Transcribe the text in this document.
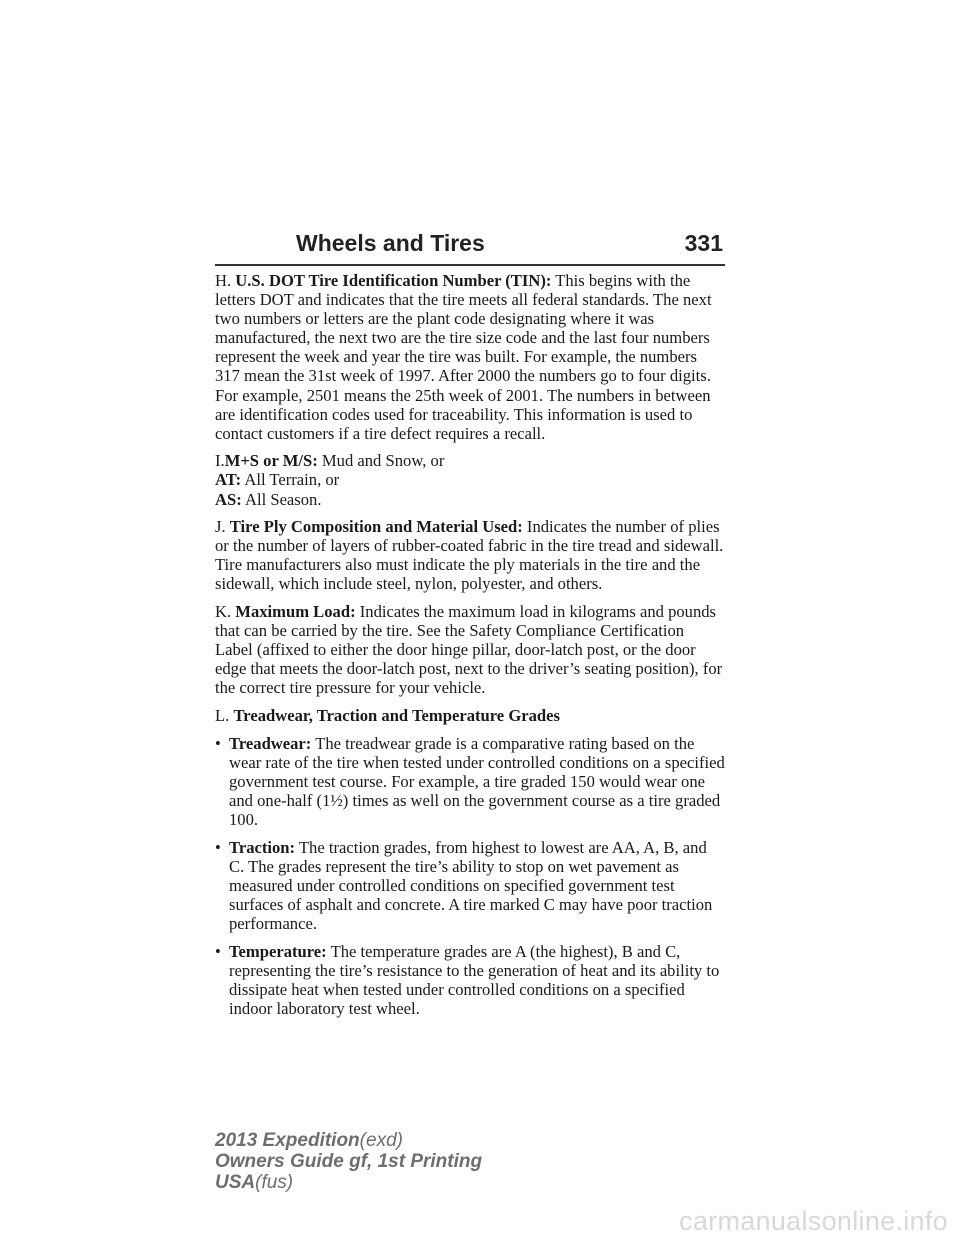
Wheels and Tires	331

H. U.S. DOT Tire Identification Number (TIN): This begins with the letters DOT and indicates that the tire meets all federal standards. The next two numbers or letters are the plant code designating where it was manufactured, the next two are the tire size code and the last four numbers represent the week and year the tire was built. For example, the numbers 317 mean the 31st week of 1997. After 2000 the numbers go to four digits. For example, 2501 means the 25th week of 2001. The numbers in between are identification codes used for traceability. This information is used to contact customers if a tire defect requires a recall.

I.M+S or M/S: Mud and Snow, or
AT: All Terrain, or
AS: All Season.

J. Tire Ply Composition and Material Used: Indicates the number of plies or the number of layers of rubber-coated fabric in the tire tread and sidewall. Tire manufacturers also must indicate the ply materials in the tire and the sidewall, which include steel, nylon, polyester, and others.

K. Maximum Load: Indicates the maximum load in kilograms and pounds that can be carried by the tire. See the Safety Compliance Certification Label (affixed to either the door hinge pillar, door-latch post, or the door edge that meets the door-latch post, next to the driver’s seating position), for the correct tire pressure for your vehicle.

L. Treadwear, Traction and Temperature Grades

• Treadwear: The treadwear grade is a comparative rating based on the wear rate of the tire when tested under controlled conditions on a specified government test course. For example, a tire graded 150 would wear one and one-half (1½) times as well on the government course as a tire graded 100.
• Traction: The traction grades, from highest to lowest are AA, A, B, and C. The grades represent the tire’s ability to stop on wet pavement as measured under controlled conditions on specified government test surfaces of asphalt and concrete. A tire marked C may have poor traction performance.
• Temperature: The temperature grades are A (the highest), B and C, representing the tire’s resistance to the generation of heat and its ability to dissipate heat when tested under controlled conditions on a specified indoor laboratory test wheel.
2013 Expedition(exd)
Owners Guide gf, 1st Printing
USA(fus)
carmanualsonline.info
